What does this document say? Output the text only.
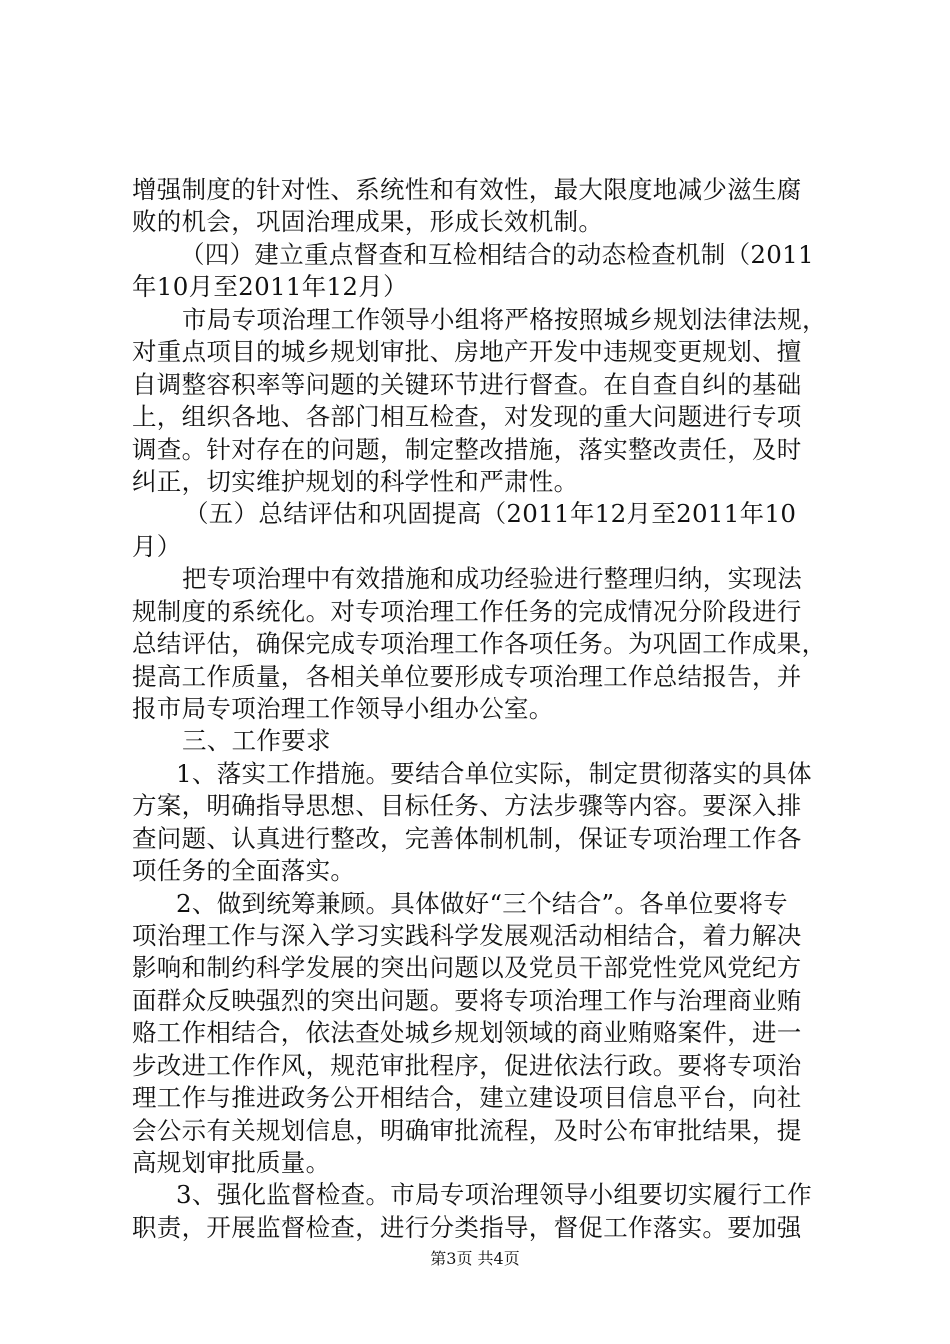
增强制度的针对性、系统性和有效性，最大限度地减少滋生腐
败的机会，巩固治理成果，形成长效机制。
（四）建立重点督查和互检相结合的动态检查机制（2011
年10月至2011年12月）
市局专项治理工作领导小组将严格按照城乡规划法律法规，
对重点项目的城乡规划审批、房地产开发中违规变更规划、擅
自调整容积率等问题的关键环节进行督查。在自查自纠的基础
上，组织各地、各部门相互检查，对发现的重大问题进行专项
调查。针对存在的问题，制定整改措施，落实整改责任，及时
纠正，切实维护规划的科学性和严肃性。
（五）总结评估和巩固提高（2011年12月至2011年10
月）
把专项治理中有效措施和成功经验进行整理归纳，实现法
规制度的系统化。对专项治理工作任务的完成情况分阶段进行
总结评估，确保完成专项治理工作各项任务。为巩固工作成果，
提高工作质量，各相关单位要形成专项治理工作总结报告，并
报市局专项治理工作领导小组办公室。
三、工作要求
1、落实工作措施。要结合单位实际，制定贯彻落实的具体
方案，明确指导思想、目标任务、方法步骤等内容。要深入排
查问题、认真进行整改，完善体制机制，保证专项治理工作各
项任务的全面落实。
2、做到统筹兼顾。具体做好“三个结合”。各单位要将专
项治理工作与深入学习实践科学发展观活动相结合，着力解决
影响和制约科学发展的突出问题以及党员干部党性党风党纪方
面群众反映强烈的突出问题。要将专项治理工作与治理商业贿
赂工作相结合，依法查处城乡规划领域的商业贿赂案件，进一
步改进工作作风，规范审批程序，促进依法行政。要将专项治
理工作与推进政务公开相结合，建立建设项目信息平台，向社
会公示有关规划信息，明确审批流程，及时公布审批结果，提
高规划审批质量。
3、强化监督检查。市局专项治理领导小组要切实履行工作
职责，开展监督检查，进行分类指导，督促工作落实。要加强
第3页 共4页
